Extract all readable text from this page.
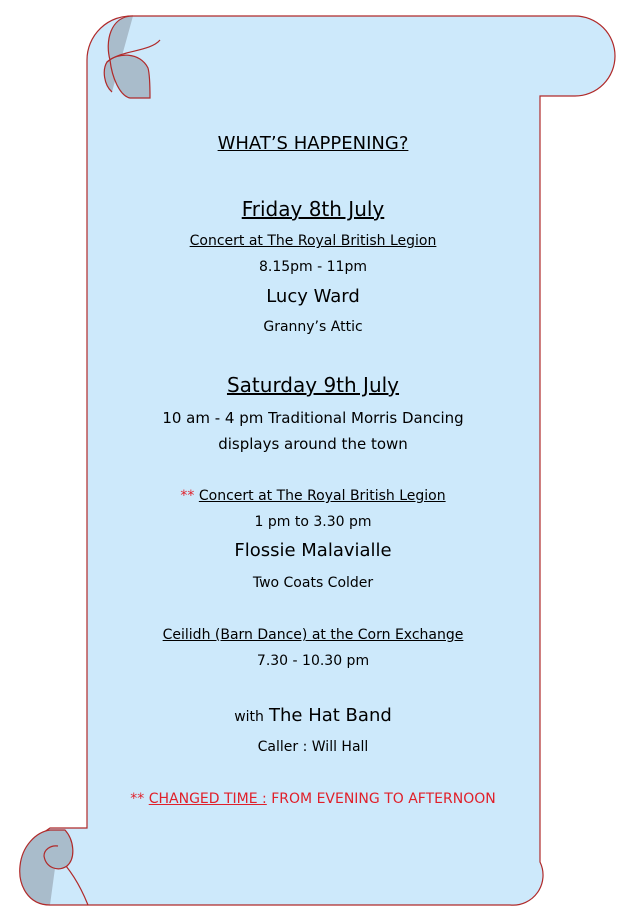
WHAT’S HAPPENING?
Friday 8th July
Concert at The Royal British Legion
8.15pm - 11pm
Lucy Ward
Granny’s Attic
Saturday 9th July
10 am - 4 pm Traditional Morris Dancing
displays around the town
** Concert at The Royal British Legion
1 pm to 3.30 pm
Flossie Malavialle
Two Coats Colder
Ceilidh (Barn Dance) at the Corn Exchange
7.30 - 10.30 pm
with The Hat Band
Caller : Will Hall
** CHANGED TIME : FROM EVENING TO AFTERNOON
